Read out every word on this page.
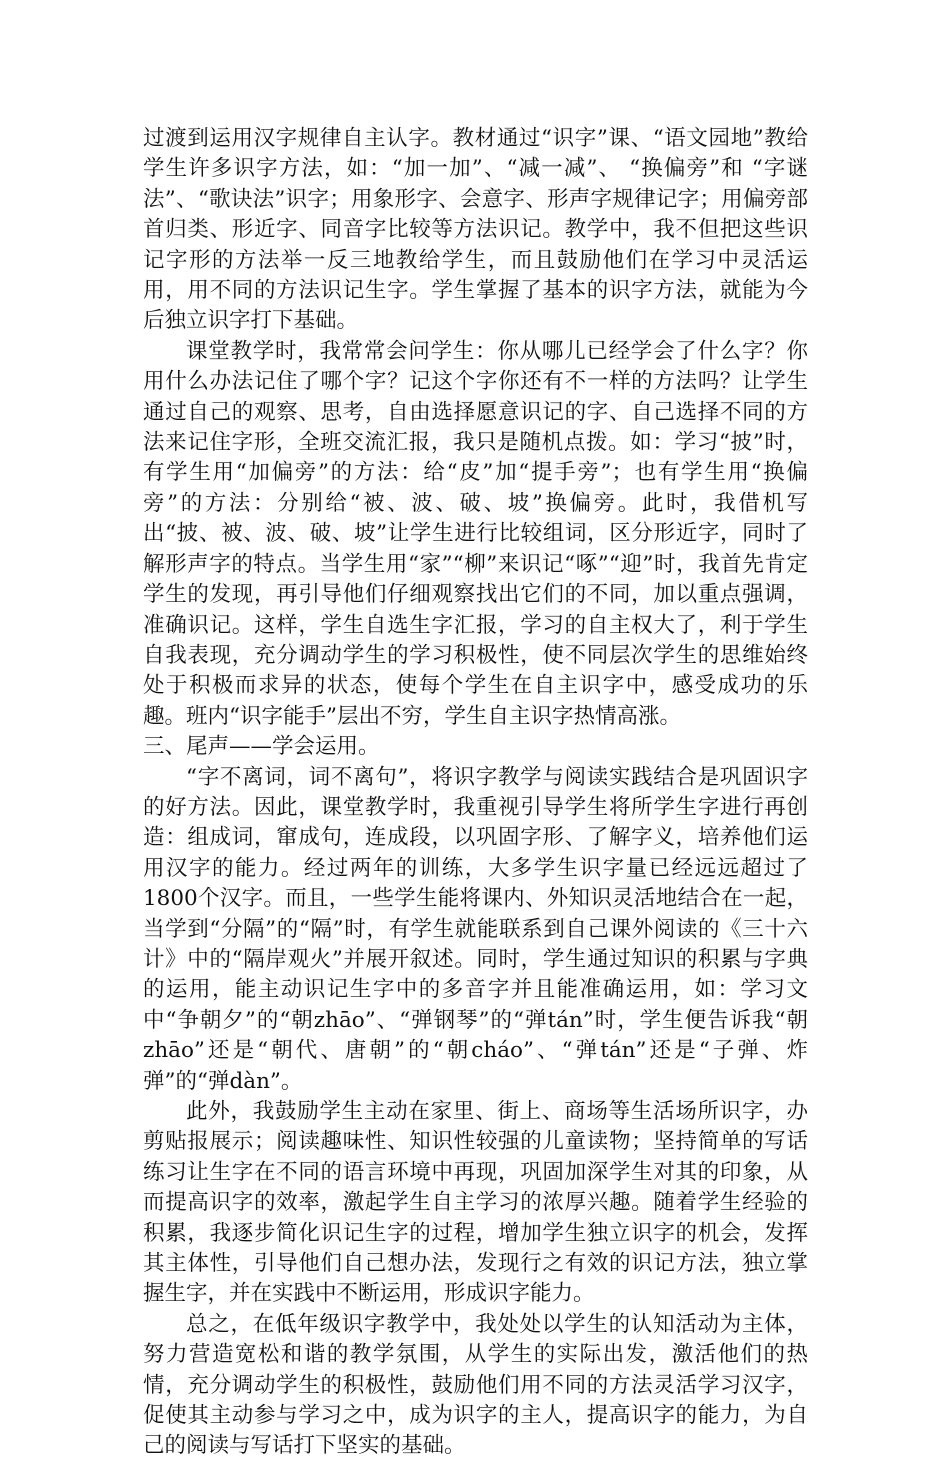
过渡到运用汉字规律自主认字。教材通过“识字”课、“语文园地”教给学生许多识字方法，如：“加一加”、“减一减”、 “换偏旁”和 “字谜法”、“歌诀法”识字；用象形字、会意字、形声字规律记字；用偏旁部首归类、形近字、同音字比较等方法识记。教学中，我不但把这些识记字形的方法举一反三地教给学生，而且鼓励他们在学习中灵活运用，用不同的方法识记生字。学生掌握了基本的识字方法，就能为今后独立识字打下基础。

课堂教学时，我常常会问学生：你从哪儿已经学会了什么字？你用什么办法记住了哪个字？记这个字你还有不一样的方法吗？让学生通过自己的观察、思考，自由选择愿意识记的字、自己选择不同的方法来记住字形，全班交流汇报，我只是随机点拨。如：学习“披”时，有学生用“加偏旁”的方法：给“皮”加“提手旁”；也有学生用“换偏旁”的方法：分别给“被、波、破、坡”换偏旁。此时，我借机写出“披、被、波、破、坡”让学生进行比较组词，区分形近字，同时了解形声字的特点。当学生用“家”“柳”来识记“啄”“迎”时，我首先肯定学生的发现，再引导他们仔细观察找出它们的不同，加以重点强调，准确识记。这样，学生自选生字汇报，学习的自主权大了，利于学生自我表现，充分调动学生的学习积极性，使不同层次学生的思维始终处于积极而求异的状态，使每个学生在自主识字中，感受成功的乐趣。班内“识字能手”层出不穷，学生自主识字热情高涨。

三、尾声——学会运用。

“字不离词，词不离句”，将识字教学与阅读实践结合是巩固识字的好方法。因此，课堂教学时，我重视引导学生将所学生字进行再创造：组成词，窜成句，连成段，以巩固字形、了解字义，培养他们运用汉字的能力。经过两年的训练，大多学生识字量已经远远超过了1800个汉字。而且，一些学生能将课内、外知识灵活地结合在一起，当学到“分隔”的“隔”时，有学生就能联系到自己课外阅读的《三十六计》中的“隔岸观火”并展开叙述。同时，学生通过知识的积累与字典的运用，能主动识记生字中的多音字并且能准确运用，如：学习文中“争朝夕”的“朝zhāo”、“弹钢琴”的“弹tán”时，学生便告诉我“朝zhāo”还是“朝代、唐朝”的“朝cháo”、“弹tán”还是“子弹、炸弹”的“弹dàn”。

此外，我鼓励学生主动在家里、街上、商场等生活场所识字，办剪贴报展示；阅读趣味性、知识性较强的儿童读物；坚持简单的写话练习让生字在不同的语言环境中再现，巩固加深学生对其的印象，从而提高识字的效率，激起学生自主学习的浓厚兴趣。随着学生经验的积累，我逐步简化识记生字的过程，增加学生独立识字的机会，发挥其主体性，引导他们自己想办法，发现行之有效的识记方法，独立掌握生字，并在实践中不断运用，形成识字能力。

总之，在低年级识字教学中，我处处以学生的认知活动为主体，努力营造宽松和谐的教学氛围，从学生的实际出发，激活他们的热情，充分调动学生的积极性，鼓励他们用不同的方法灵活学习汉字，促使其主动参与学习之中，成为识字的主人，提高识字的能力，为自己的阅读与写话打下坚实的基础。
